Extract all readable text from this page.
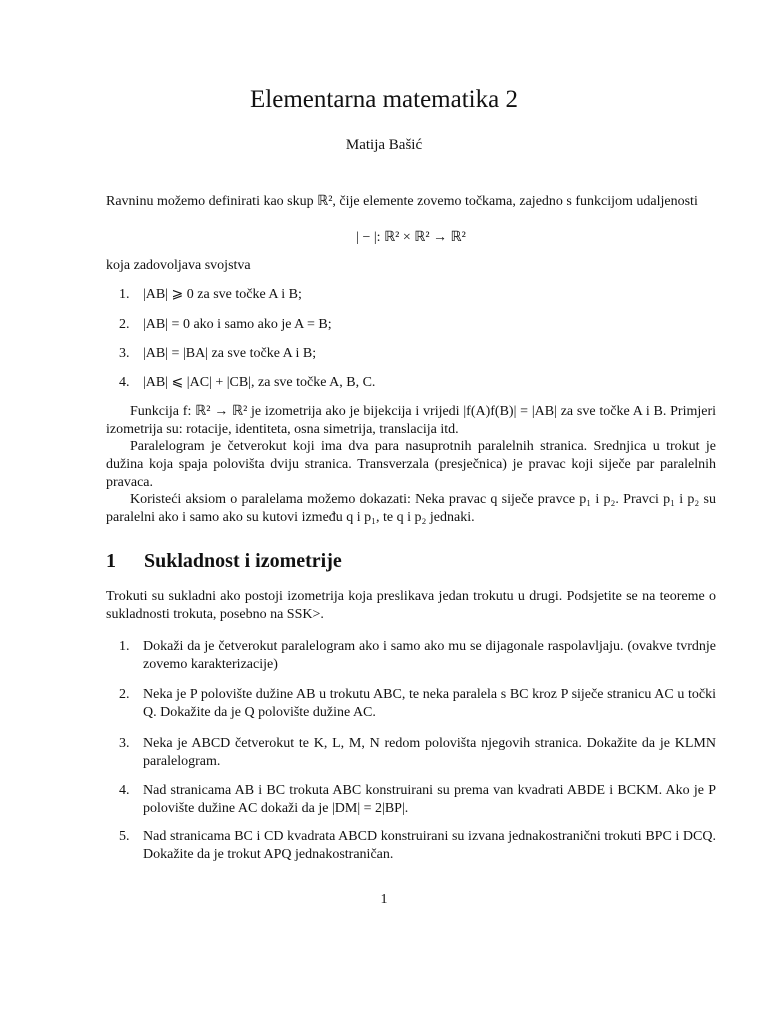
Elementarna matematika 2
Matija Bašić
Ravninu možemo definirati kao skup ℝ², čije elemente zovemo točkama, zajedno s funkcijom udaljenosti
| − |: ℝ² × ℝ² → ℝ²
koja zadovoljava svojstva
1. |AB| ⩾ 0 za sve točke A i B;
2. |AB| = 0 ako i samo ako je A = B;
3. |AB| = |BA| za sve točke A i B;
4. |AB| ⩽ |AC| + |CB|, za sve točke A, B, C.
Funkcija f: ℝ² → ℝ² je izometrija ako je bijekcija i vrijedi |f(A)f(B)| = |AB| za sve točke A i B. Primjeri izometrija su: rotacije, identiteta, osna simetrija, translacija itd.
Paralelogram je četverokut koji ima dva para nasuprotnih paralelnih stranica. Srednjica u trokut je dužina koja spaja polovišta dviju stranica. Transverzala (presječnica) je pravac koji siječe par paralelnih pravaca.
Koristeći aksiom o paralelama možemo dokazati: Neka pravac q siječe pravce p₁ i p₂. Pravci p₁ i p₂ su paralelni ako i samo ako su kutovi između q i p₁, te q i p₂ jednaki.
1 Sukladnost i izometrije
Trokuti su sukladni ako postoji izometrija koja preslikava jedan trokutu u drugi. Podsjetite se na teoreme o sukladnosti trokuta, posebno na SSK>.
1. Dokaži da je četverokut paralelogram ako i samo ako mu se dijagonale raspolavljaju. (ovakve tvrdnje zovemo karakterizacije)
2. Neka je P polovište dužine AB u trokutu ABC, te neka paralela s BC kroz P siječe stranicu AC u točki Q. Dokažite da je Q polovište dužine AC.
3. Neka je ABCD četverokut te K, L, M, N redom polovišta njegovih stranica. Dokažite da je KLMN paralelogram.
4. Nad stranicama AB i BC trokuta ABC konstruirani su prema van kvadrati ABDE i BCKM. Ako je P polovište dužine AC dokaži da je |DM| = 2|BP|.
5. Nad stranicama BC i CD kvadrata ABCD konstruirani su izvana jednakostranični trokuti BPC i DCQ. Dokažite da je trokut APQ jednakostraničan.
1
